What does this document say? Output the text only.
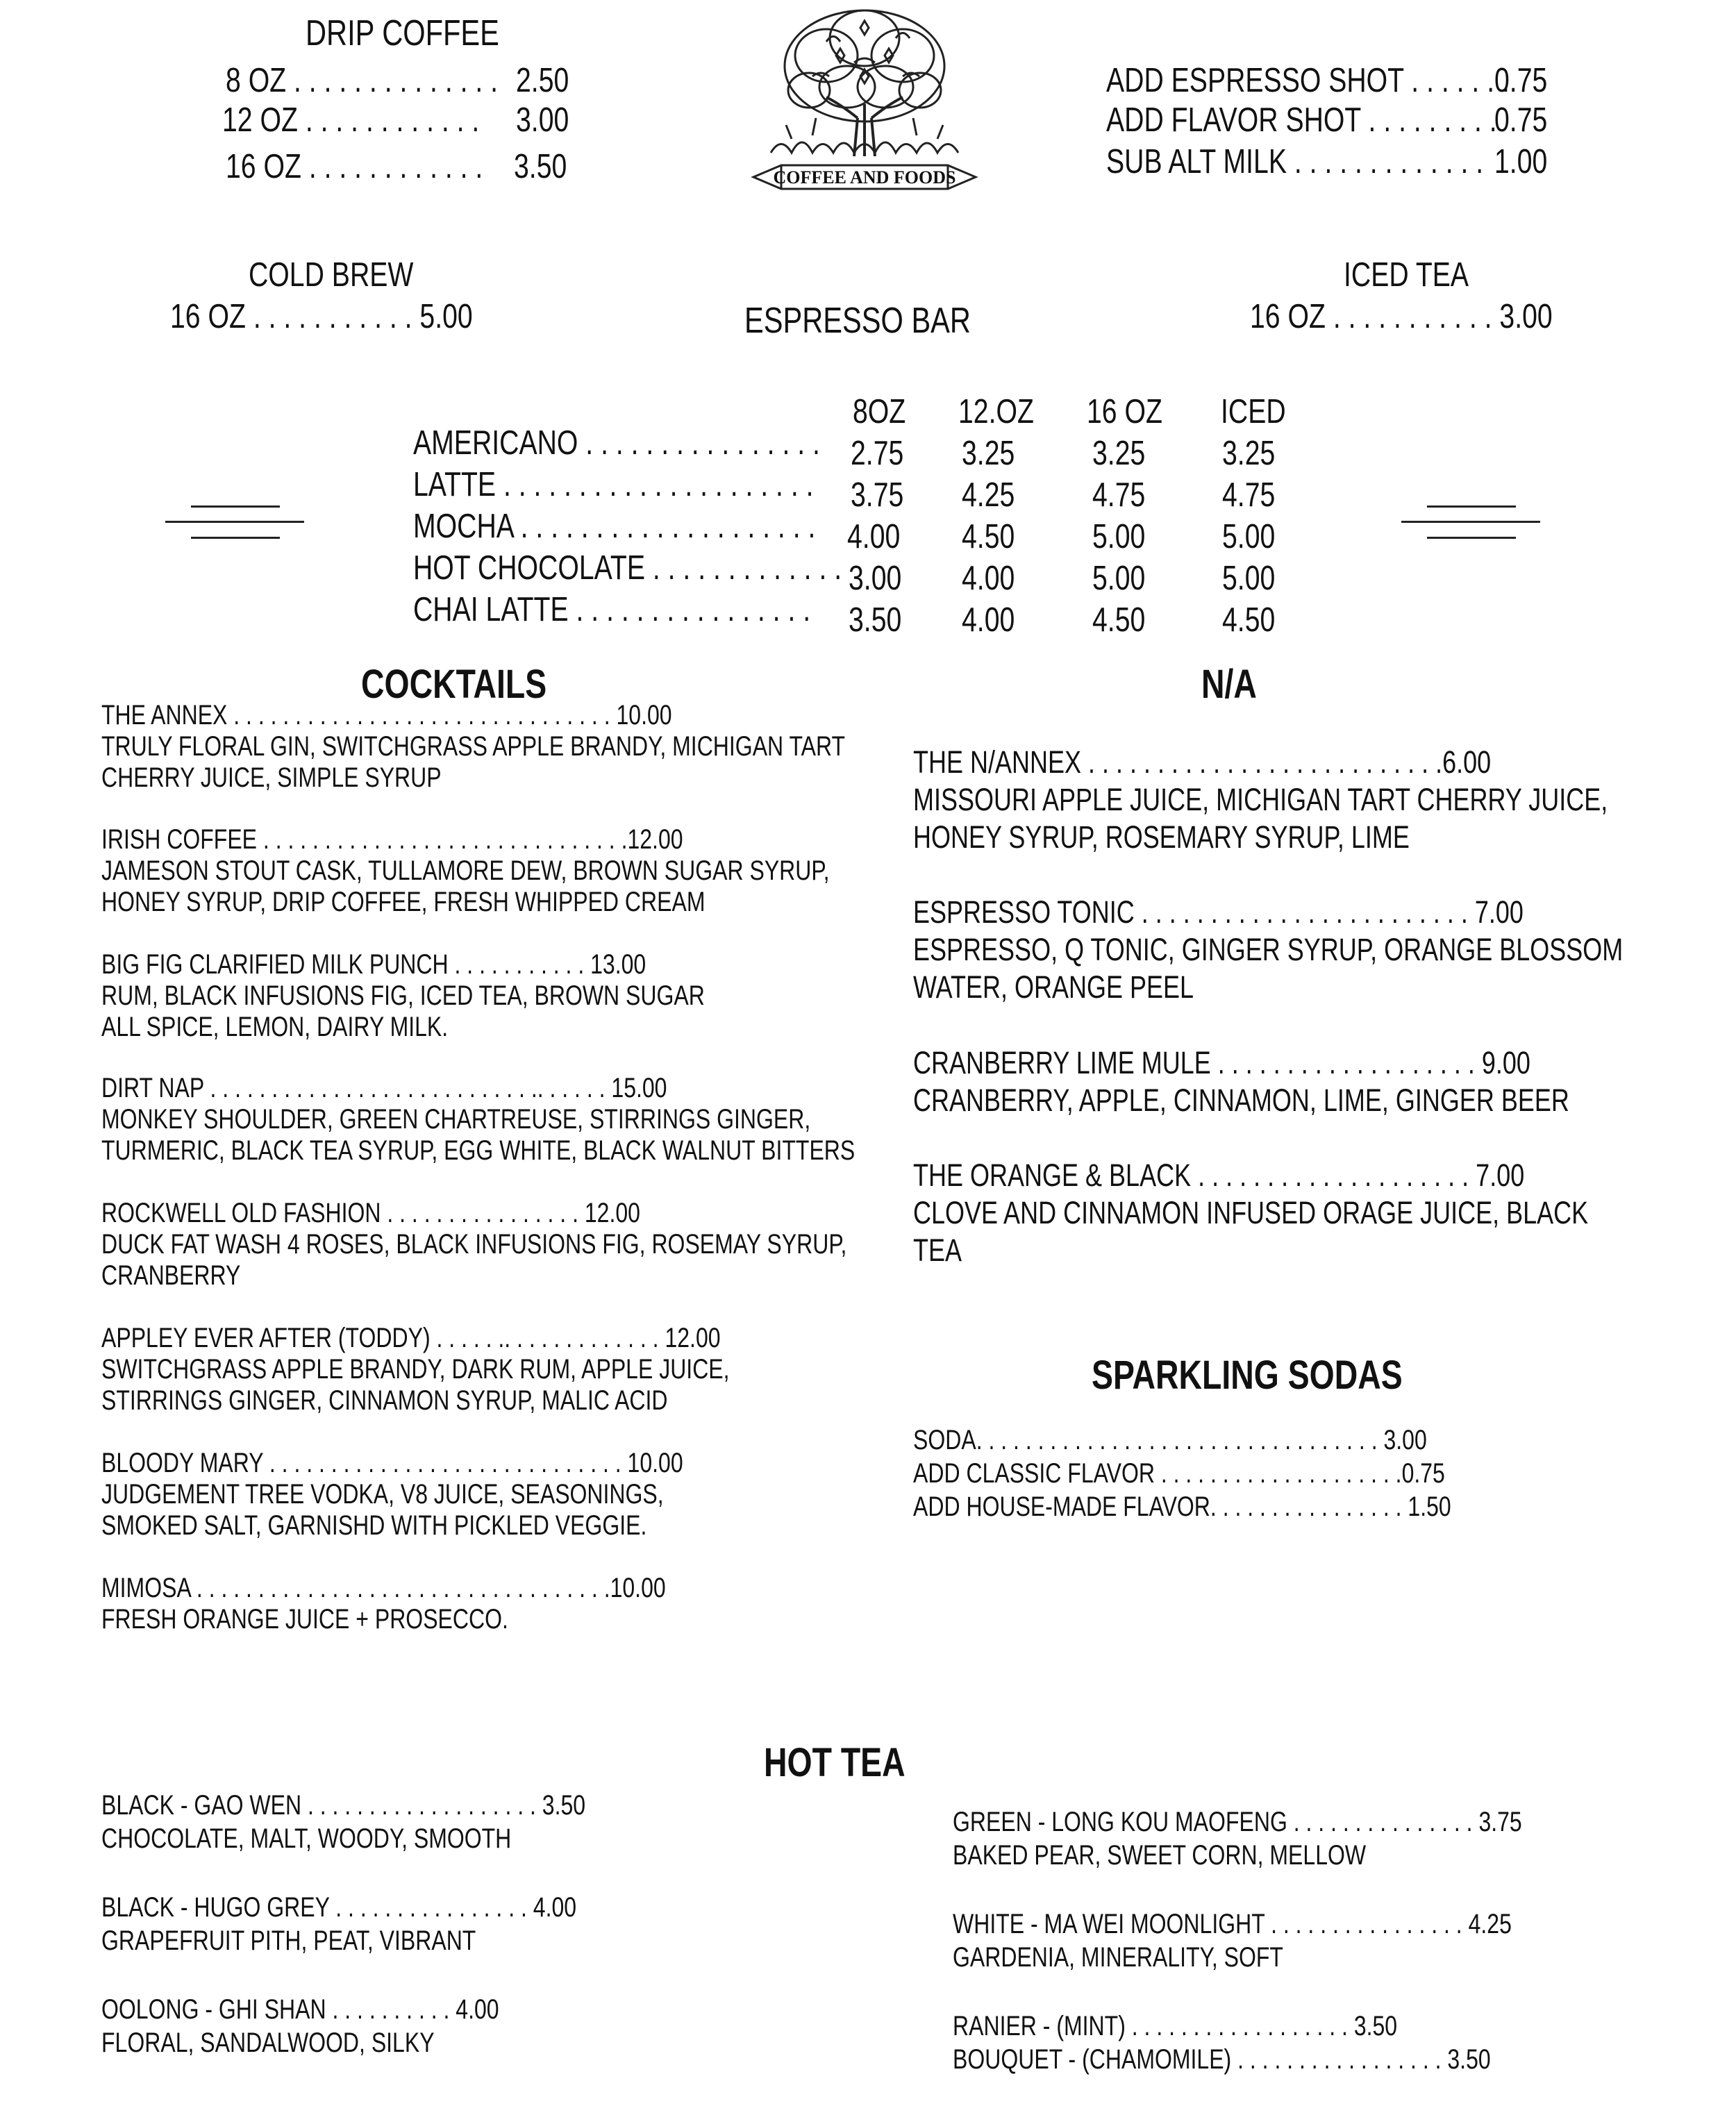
COFFEE AND FOODS
DRIP COFFEE
8 OZ . . . . . . . . . . . . . . 2.50
12 OZ . . . . . . . . . . . . 3.00
16 OZ . . . . . . . . . . . . 3.50
ADD ESPRESSO SHOT . . . . . . .
0.75
ADD FLAVOR SHOT . . . . . . . . .
0.75
SUB ALT MILK . . . . . . . . . . . . . 1.00
COLD BREW
16 OZ . . . . . . . . . . . 5.00
ICED TEA
16 OZ . . . . . . . . . . . 3.00
ESPRESSO BAR
8OZ 12.OZ 16 OZ ICED
AMERICANO . . . . . . . . . . . . . . . . 2.75 3.25 3.25 3.25
LATTE . . . . . . . . . . . . . . . . . . . . . 3.75 4.25 4.75 4.75
MOCHA . . . . . . . . . . . . . . . . . . . . 4.00 4.50 5.00 5.00
HOT CHOCOLATE . . . . . . . . . . . . . 3.00 4.00 5.00 5.00
CHAI LATTE . . . . . . . . . . . . . . . . 3.50 4.00 4.50 4.50
COCKTAILS
THE ANNEX . . . . . . . . . . . . . . . . . . . . . . . . . . . . . . . 10.00
TRULY FLORAL GIN, SWITCHGRASS APPLE BRANDY, MICHIGAN TART
CHERRY JUICE, SIMPLE SYRUP
IRISH COFFEE . . . . . . . . . . . . . . . . . . . . . . . . . . . . . .12.00
JAMESON STOUT CASK, TULLAMORE DEW, BROWN SUGAR SYRUP,
HONEY SYRUP, DRIP COFFEE, FRESH WHIPPED CREAM
BIG FIG CLARIFIED MILK PUNCH . . . . . . . . . . . 13.00
RUM, BLACK INFUSIONS FIG, ICED TEA, BROWN SUGAR
ALL SPICE, LEMON, DAIRY MILK.
DIRT NAP . . . . . . . . . . . . . . . . . . . . . . . . . . .. . . . . . 15.00
MONKEY SHOULDER, GREEN CHARTREUSE, STIRRINGS GINGER,
TURMERIC, BLACK TEA SYRUP, EGG WHITE, BLACK WALNUT BITTERS
ROCKWELL OLD FASHION . . . . . . . . . . . . . . . . 12.00
DUCK FAT WASH 4 ROSES, BLACK INFUSIONS FIG, ROSEMAY SYRUP,
CRANBERRY
APPLEY EVER AFTER (TODDY) . . . . . .. . . . . . . . . . . . . 12.00
SWITCHGRASS APPLE BRANDY, DARK RUM, APPLE JUICE,
STIRRINGS GINGER, CINNAMON SYRUP, MALIC ACID
BLOODY MARY . . . . . . . . . . . . . . . . . . . . . . . . . . . . . 10.00
JUDGEMENT TREE VODKA, V8 JUICE, SEASONINGS,
SMOKED SALT, GARNISHD WITH PICKLED VEGGIE.
MIMOSA . . . . . . . . . . . . . . . . . . . . . . . . . . . . . . . . . .10.00
FRESH ORANGE JUICE + PROSECCO.
N/A
THE N/ANNEX . . . . . . . . . . . . . . . . . . . . . . . . . .6.00
MISSOURI APPLE JUICE, MICHIGAN TART CHERRY JUICE,
HONEY SYRUP, ROSEMARY SYRUP, LIME
ESPRESSO TONIC . . . . . . . . . . . . . . . . . . . . . . . . 7.00
ESPRESSO, Q TONIC, GINGER SYRUP, ORANGE BLOSSOM
WATER, ORANGE PEEL
CRANBERRY LIME MULE . . . . . . . . . . . . . . . . . . . 9.00
CRANBERRY, APPLE, CINNAMON, LIME, GINGER BEER
THE ORANGE & BLACK . . . . . . . . . . . . . . . . . . . . 7.00
CLOVE AND CINNAMON INFUSED ORAGE JUICE, BLACK
TEA
SPARKLING SODAS
SODA. . . . . . . . . . . . . . . . . . . . . . . . . . . . . . . . . 3.00
ADD CLASSIC FLAVOR . . . . . . . . . . . . . . . . . . . .0.75
ADD HOUSE-MADE FLAVOR. . . . . . . . . . . . . . . . 1.50
HOT TEA
BLACK - GAO WEN . . . . . . . . . . . . . . . . . . . 3.50
CHOCOLATE, MALT, WOODY, SMOOTH
BLACK - HUGO GREY . . . . . . . . . . . . . . . . 4.00
GRAPEFRUIT PITH, PEAT, VIBRANT
OOLONG - GHI SHAN . . . . . . . . . . 4.00
FLORAL, SANDALWOOD, SILKY
GREEN - LONG KOU MAOFENG . . . . . . . . . . . . . . . 3.75
BAKED PEAR, SWEET CORN, MELLOW
WHITE - MA WEI MOONLIGHT . . . . . . . . . . . . . . . . 4.25
GARDENIA, MINERALITY, SOFT
RANIER - (MINT) . . . . . . . . . . . . . . . . . . 3.50
BOUQUET - (CHAMOMILE) . . . . . . . . . . . . . . . . . 3.50
